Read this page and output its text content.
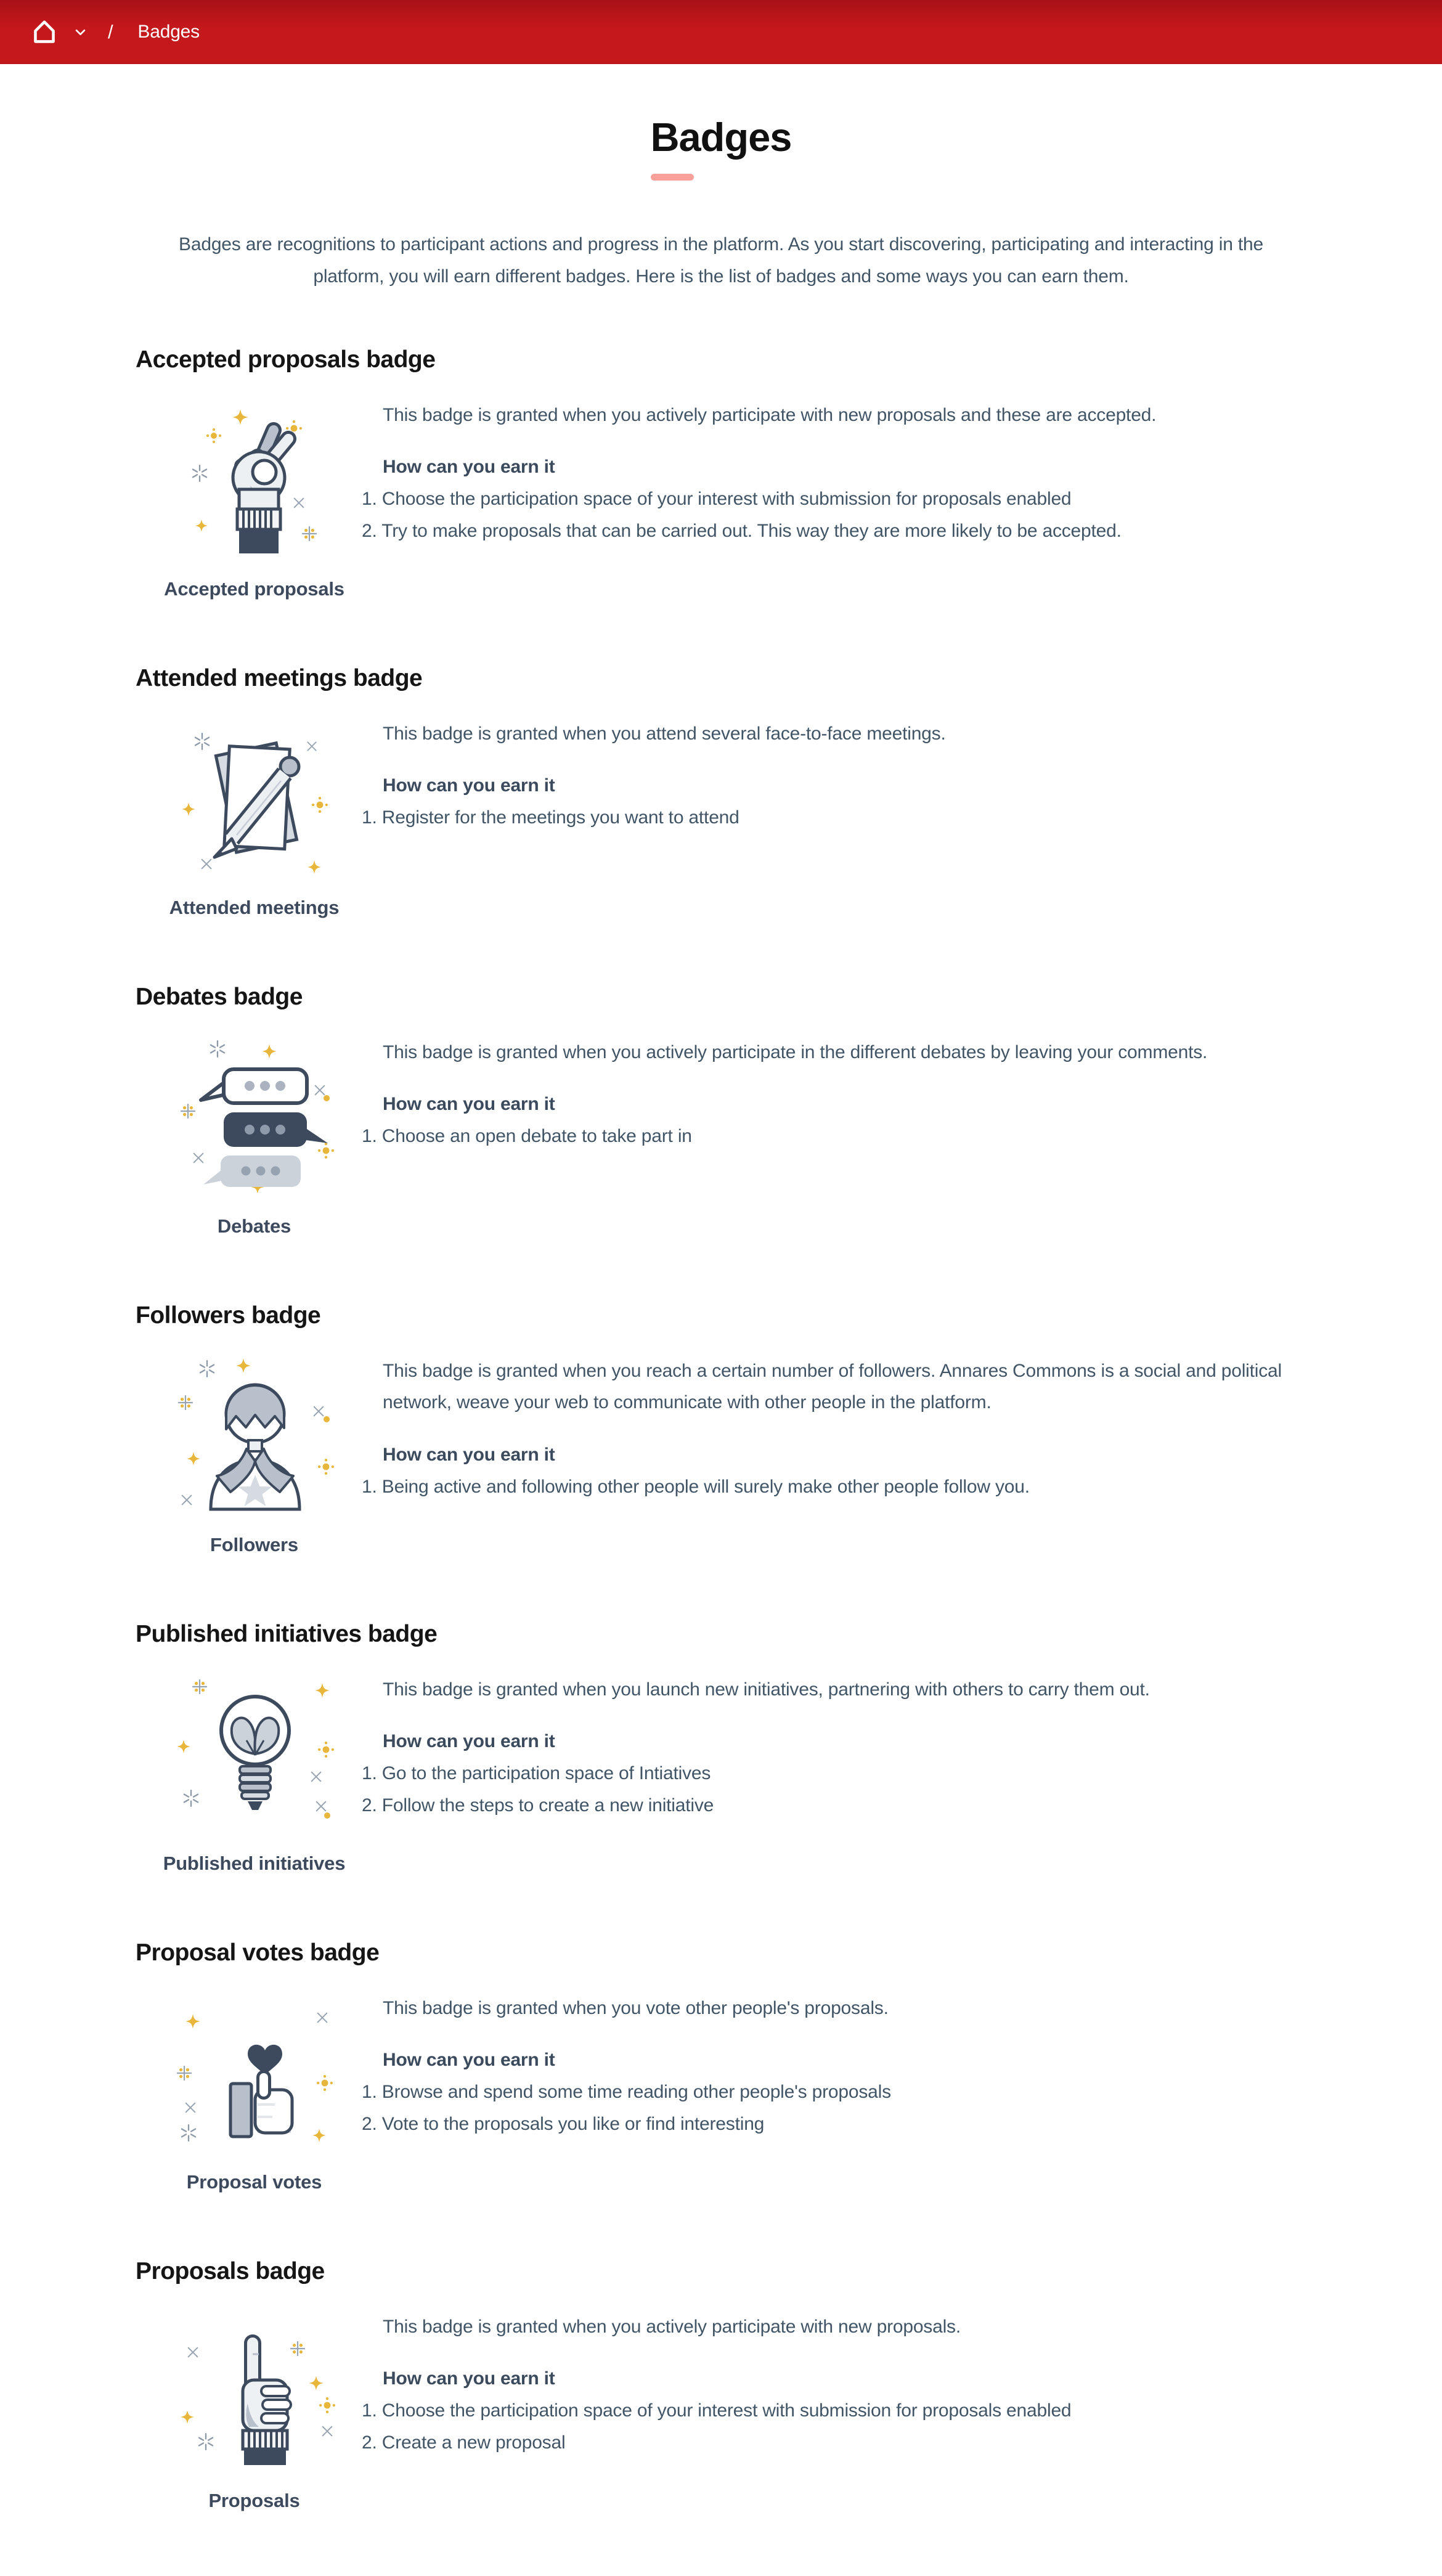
/ Badges
Badges

Badges are recognitions to participant actions and progress in the platform. As you start discovering, participating and interacting in the platform, you will earn different badges. Here is the list of badges and some ways you can earn them.

Accepted proposals badge
Accepted proposals

This badge is granted when you actively participate with new proposals and these are accepted.

How can you earn it

Choose the participation space of your interest with submission for proposals enabled
Try to make proposals that can be carried out. This way they are more likely to be accepted.
Attended meetings badge
Attended meetings

This badge is granted when you attend several face-to-face meetings.

How can you earn it

Register for the meetings you want to attend
Debates badge
Debates

This badge is granted when you actively participate in the different debates by leaving your comments.

How can you earn it

Choose an open debate to take part in
Followers badge
Followers

This badge is granted when you reach a certain number of followers. Annares Commons is a social and political network, weave your web to communicate with other people in the platform.

How can you earn it

Being active and following other people will surely make other people follow you.
Published initiatives badge
Published initiatives

This badge is granted when you launch new initiatives, partnering with others to carry them out.

How can you earn it

Go to the participation space of Intiatives
Follow the steps to create a new initiative
Proposal votes badge
Proposal votes

This badge is granted when you vote other people's proposals.

How can you earn it

Browse and spend some time reading other people's proposals
Vote to the proposals you like or find interesting
Proposals badge
Proposals

This badge is granted when you actively participate with new proposals.

How can you earn it

Choose the participation space of your interest with submission for proposals enabled
Create a new proposal
